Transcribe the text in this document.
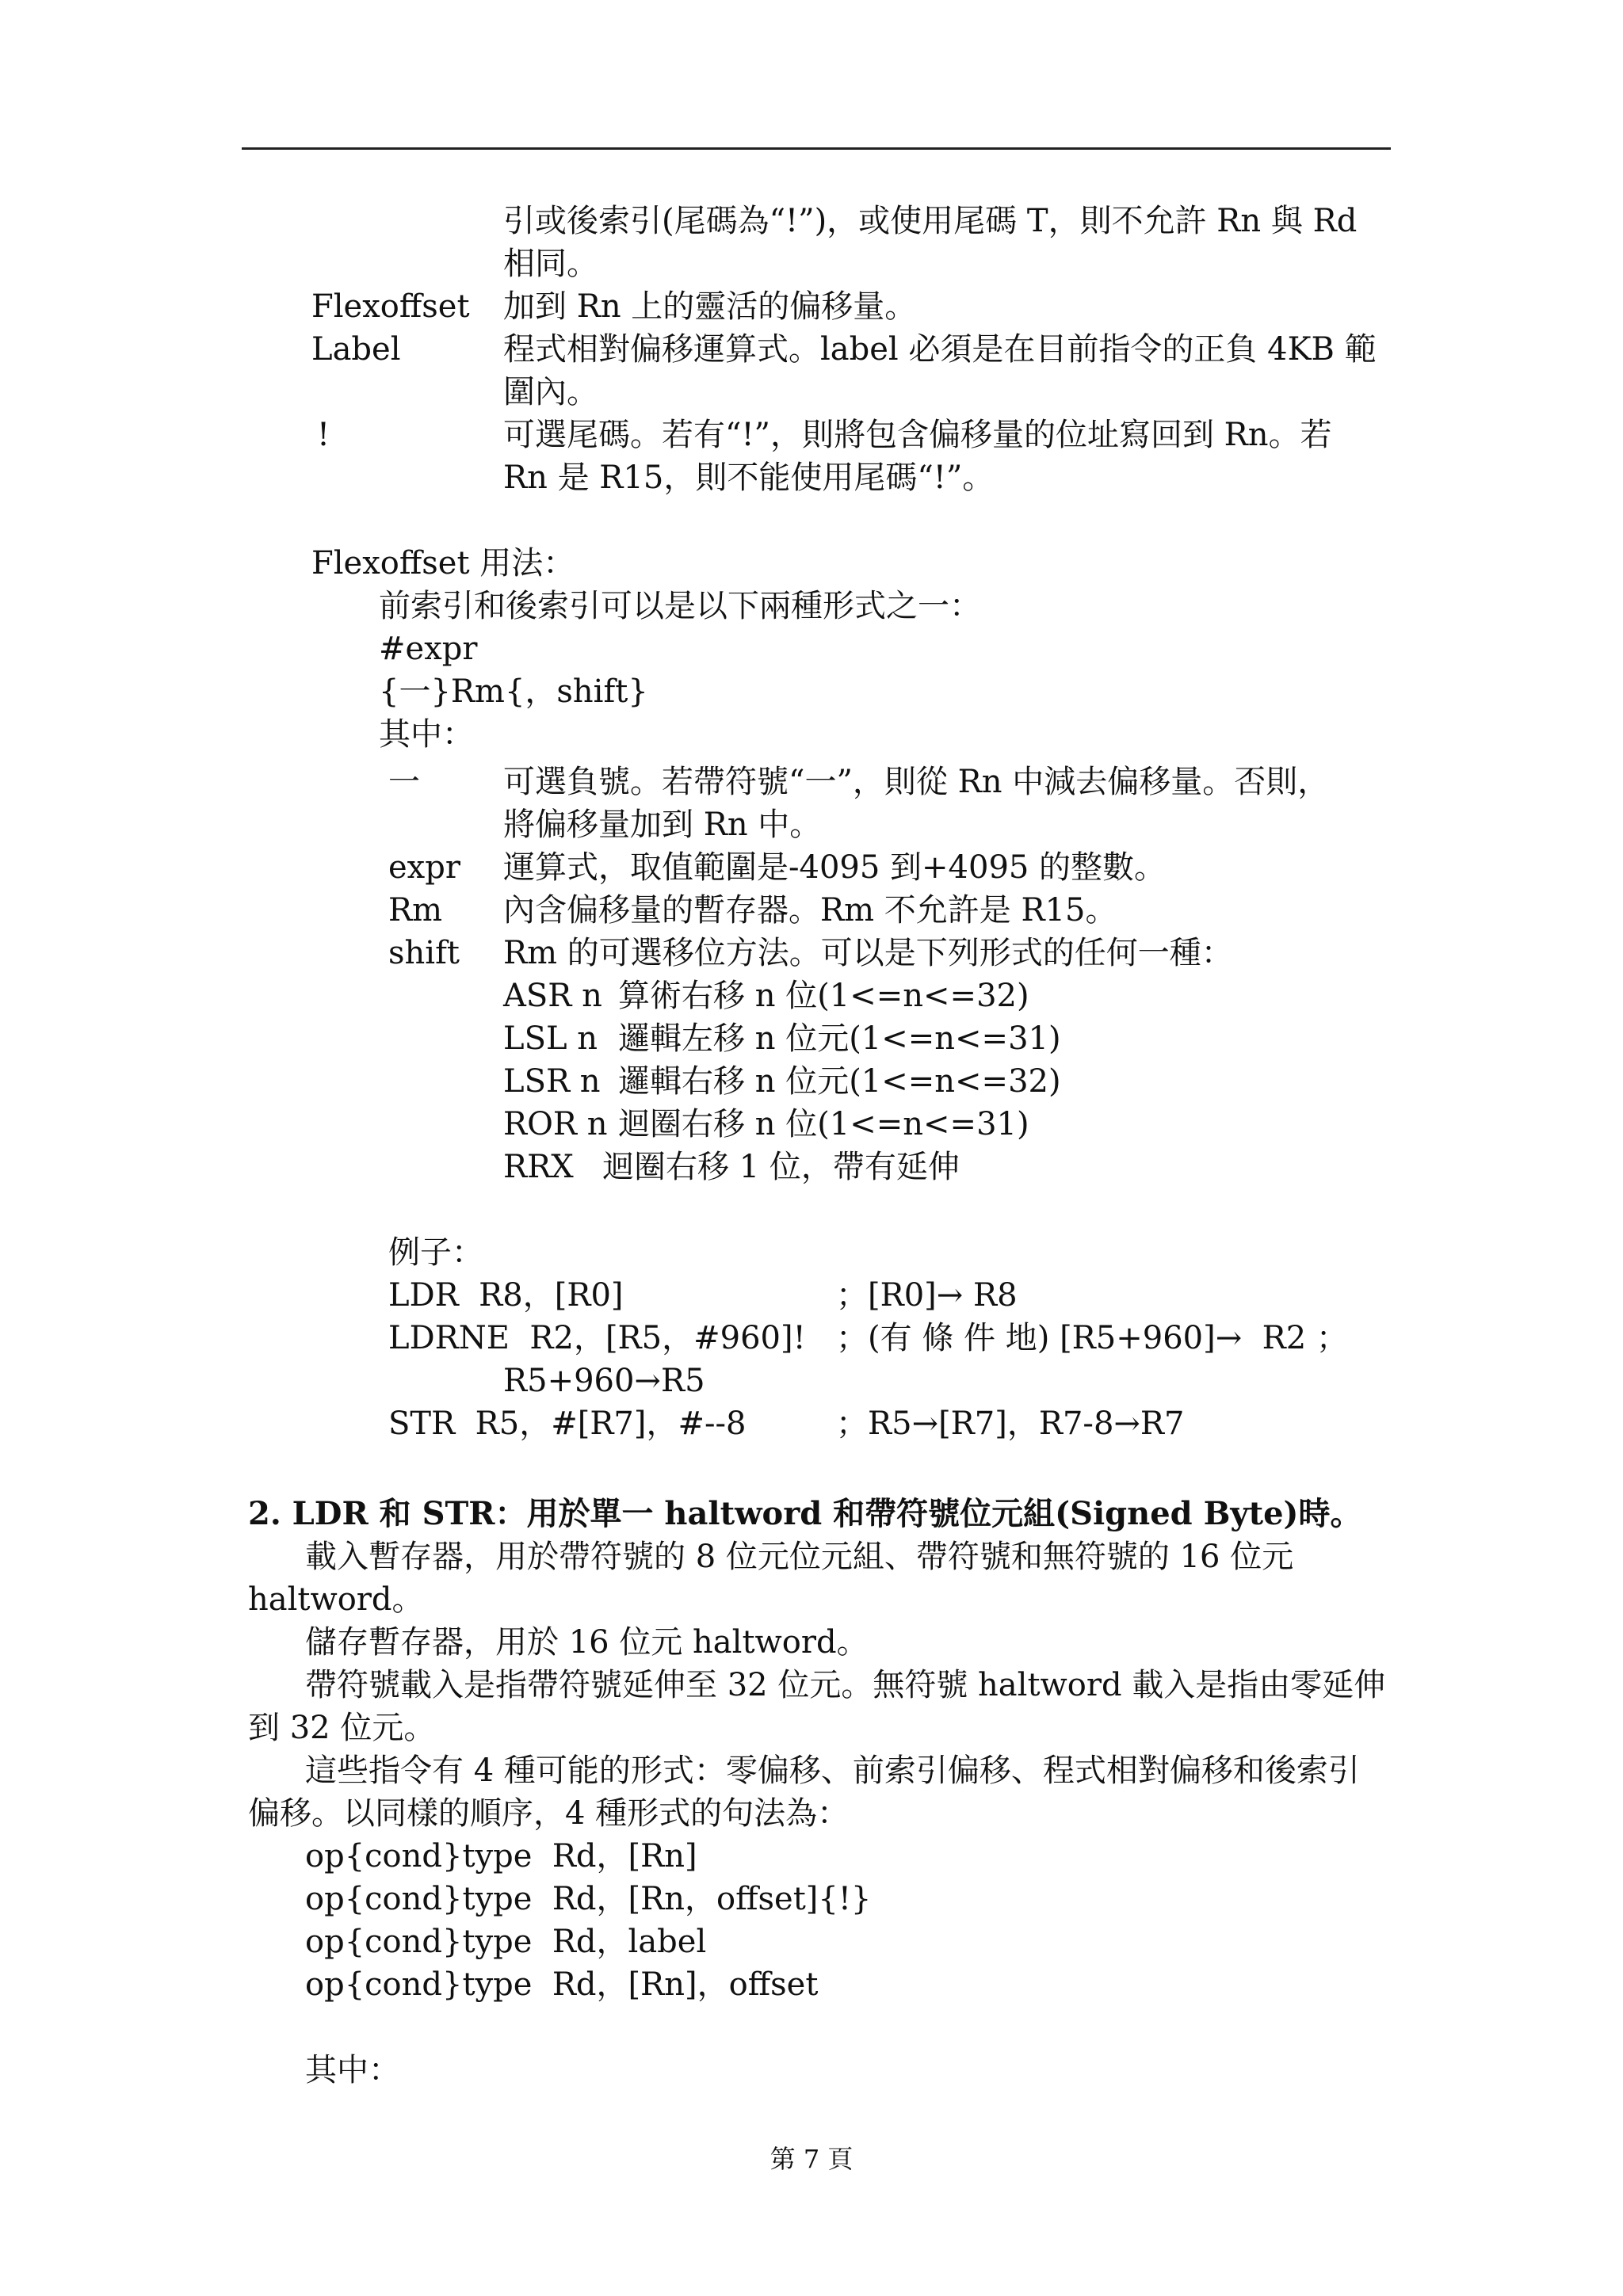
引或後索引(尾碼為“!”)，或使用尾碼 T，則不允許 Rn 與 Rd
相同。
Flexoffset 加到 Rn 上的靈活的偏移量。
Label	程式相對偏移運算式。label 必須是在目前指令的正負 4KB 範
圍內。
!	可選尾碼。若有“!”，則將包含偏移量的位址寫回到 Rn。若
Rn 是 R15，則不能使用尾碼“!”。
Flexoffset 用法：
前索引和後索引可以是以下兩種形式之一：
#expr
{一}Rm{，shift}
其中：
一	可選負號。若帶符號“一”，則從 Rn 中減去偏移量。否則，
將偏移量加到 Rn 中。
expr 運算式，取值範圍是-4095 到+4095 的整數。
Rm 內含偏移量的暫存器。Rm 不允許是 R15。
shift Rm 的可選移位方法。可以是下列形式的任何一種：
ASR n 算術右移 n 位(1<=n<=32)
LSL n 邏輯左移 n 位元(1<=n<=31)
LSR n 邏輯右移 n 位元(1<=n<=32)
ROR n 迴圈右移 n 位(1<=n<=31)
RRX 迴圈右移 1 位，帶有延伸
例子：
LDR  R8，[R0]	；[R0]→ R8
LDRNE  R2，[R5，#960]! ；(有 條 件 地) [R5+960]→  R2 ；
R5+960→R5
STR  R5，#[R7]，#--8	；R5→[R7]，R7-8→R7
2. LDR 和 STR：用於單一 haltword 和帶符號位元組(Signed Byte)時。
載入暫存器，用於帶符號的 8 位元位元組、帶符號和無符號的 16 位元
haltword。
儲存暫存器，用於 16 位元 haltword。
帶符號載入是指帶符號延伸至 32 位元。無符號 haltword 載入是指由零延伸
到 32 位元。
這些指令有 4 種可能的形式：零偏移、前索引偏移、程式相對偏移和後索引
偏移。以同樣的順序，4 種形式的句法為：
op{cond}type  Rd，[Rn]
op{cond}type  Rd，[Rn，offset]{!}
op{cond}type  Rd，label
op{cond}type  Rd，[Rn]，offset
其中：
第 7 頁
